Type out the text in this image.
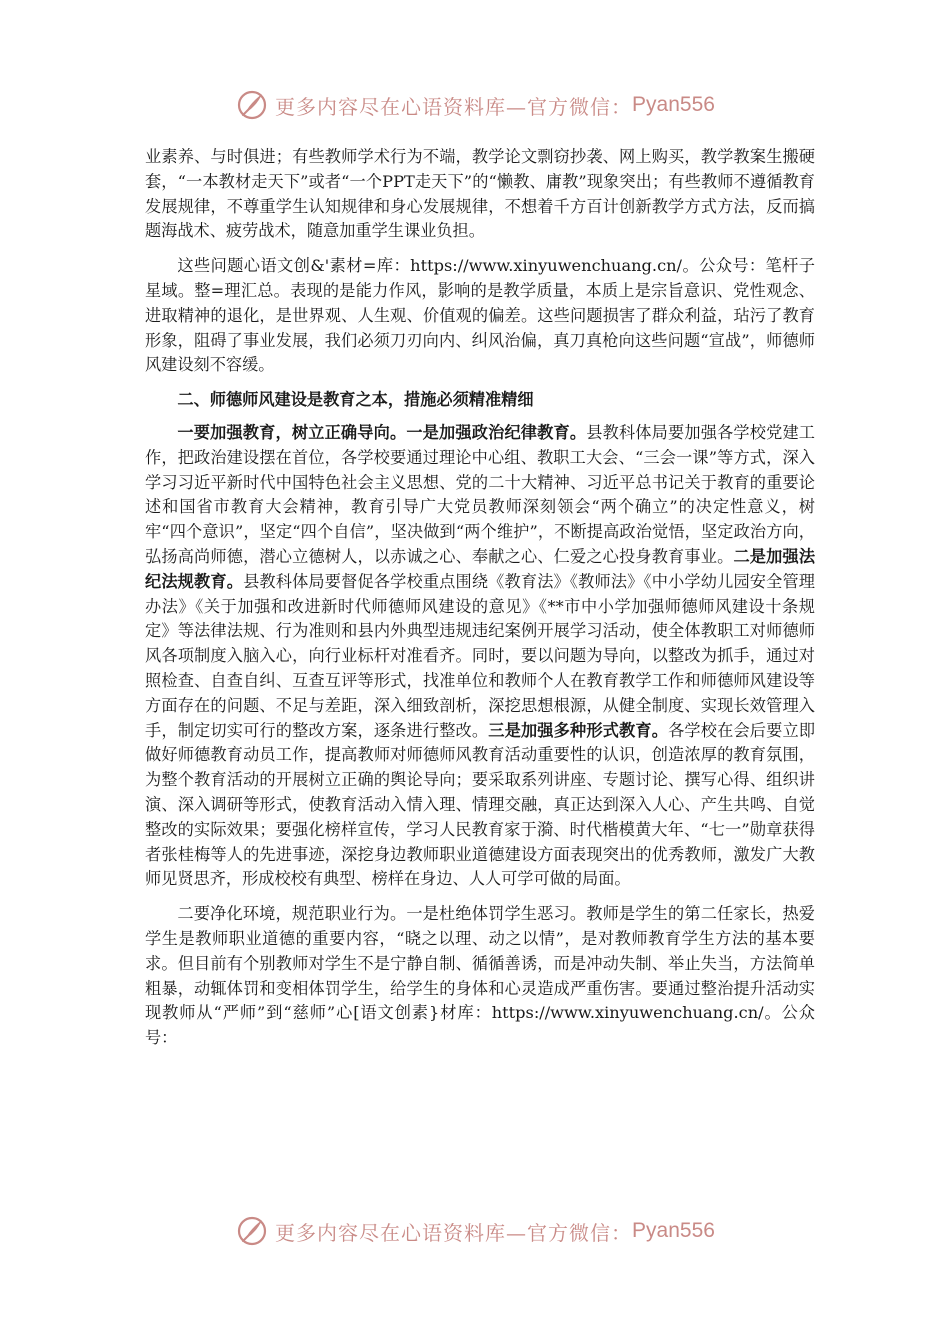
更多内容尽在心语资料库—官方微信： Pyan556

业素养、与时俱进；有些教师学术行为不端，教学论文剽窃抄袭、网上购买，教学教案生搬硬套，“一本教材走天下”或者“一个PPT走天下”的“懒教、庸教”现象突出；有些教师不遵循教育发展规律，不尊重学生认知规律和身心发展规律，不想着千方百计创新教学方式方法，反而搞题海战术、疲劳战术，随意加重学生课业负担。

这些问题心语文创&'素材=库：https://www.xinyuwenchuang.cn/。公众号：笔杆子星域。整=理汇总。表现的是能力作风，影响的是教学质量，本质上是宗旨意识、党性观念、进取精神的退化，是世界观、人生观、价值观的偏差。这些问题损害了群众利益，玷污了教育形象，阻碍了事业发展，我们必须刀刃向内、纠风治偏，真刀真枪向这些问题“宣战”，师德师风建设刻不容缓。

二、师德师风建设是教育之本，措施必须精准精细

一要加强教育，树立正确导向。一是加强政治纪律教育。县教科体局要加强各学校党建工作，把政治建设摆在首位，各学校要通过理论中心组、教职工大会、“三会一课”等方式，深入学习习近平新时代中国特色社会主义思想、党的二十大精神、习近平总书记关于教育的重要论述和国省市教育大会精神，教育引导广大党员教师深刻领会“两个确立”的决定性意义，树牢“四个意识”，坚定“四个自信”，坚决做到“两个维护”，不断提高政治觉悟，坚定政治方向，弘扬高尚师德，潜心立德树人，以赤诚之心、奉献之心、仁爱之心投身教育事业。二是加强法纪法规教育。县教科体局要督促各学校重点围绕《教育法》《教师法》《中小学幼儿园安全管理办法》《关于加强和改进新时代师德师风建设的意见》《**市中小学加强师德师风建设十条规定》等法律法规、行为准则和县内外典型违规违纪案例开展学习活动，使全体教职工对师德师风各项制度入脑入心，向行业标杆对准看齐。同时，要以问题为导向，以整改为抓手，通过对照检查、自查自纠、互查互评等形式，找准单位和教师个人在教育教学工作和师德师风建设等方面存在的问题、不足与差距，深入细致剖析，深挖思想根源，从健全制度、实现长效管理入手，制定切实可行的整改方案，逐条进行整改。三是加强多种形式教育。各学校在会后要立即做好师德教育动员工作，提高教师对师德师风教育活动重要性的认识，创造浓厚的教育氛围，为整个教育活动的开展树立正确的舆论导向；要采取系列讲座、专题讨论、撰写心得、组织讲演、深入调研等形式，使教育活动入情入理、情理交融，真正达到深入人心、产生共鸣、自觉整改的实际效果；要强化榜样宣传，学习人民教育家于漪、时代楷模黄大年、“七一”勋章获得者张桂梅等人的先进事迹，深挖身边教师职业道德建设方面表现突出的优秀教师，激发广大教师见贤思齐，形成校校有典型、榜样在身边、人人可学可做的局面。

二要净化环境，规范职业行为。一是杜绝体罚学生恶习。教师是学生的第二任家长，热爱学生是教师职业道德的重要内容，“晓之以理、动之以情”，是对教师教育学生方法的基本要求。但目前有个别教师对学生不是宁静自制、循循善诱，而是冲动失制、举止失当，方法简单粗暴，动辄体罚和变相体罚学生，给学生的身体和心灵造成严重伤害。要通过整治提升活动实现教师从“严师”到“慈师”心[语文创素}材库：https://www.xinyuwenchuang.cn/。公众号：

更多内容尽在心语资料库—官方微信： Pyan556
